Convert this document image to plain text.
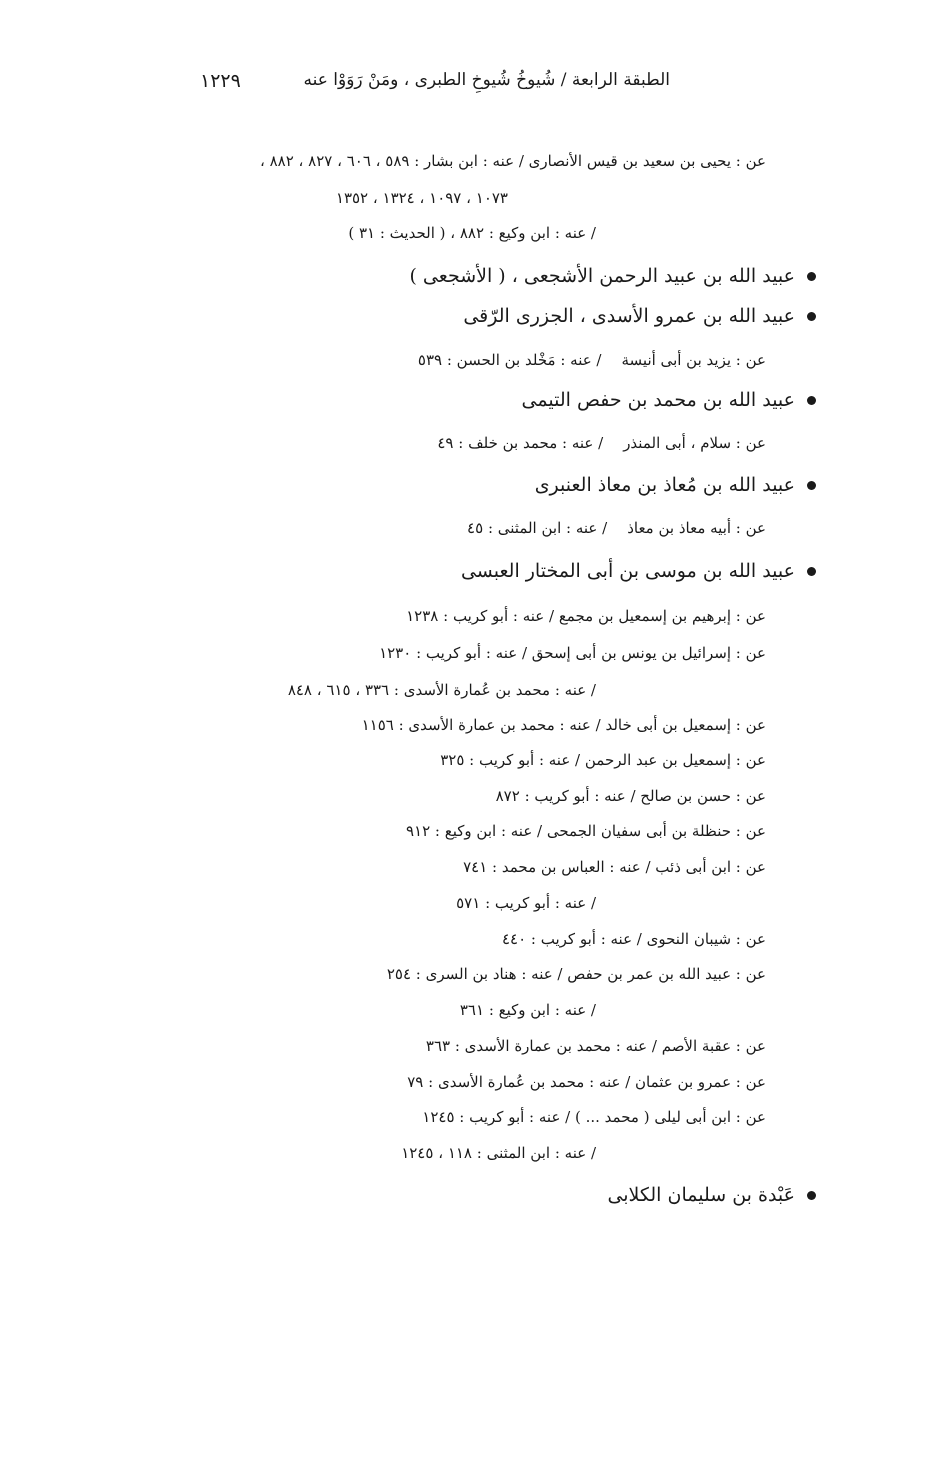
الطبقة الرابعة / شُيوخُ شُيوخِ الطبرى ، ومَنْ رَوَوْا عنه
١٢٢٩
عن : يحيى بن سعيد بن قيس الأنصارى / عنه : ابن بشار : ٥٨٩ ، ٦٠٦ ، ٨٢٧ ، ٨٨٢ ،
١٠٧٣ ، ١٠٩٧ ، ١٣٢٤ ، ١٣٥٢
/ عنه : ابن وكيع : ٨٨٢ ، ( الحديث : ٣١ )
عبيد الله بن عبيد الرحمن الأشجعى ، ( الأشجعى )
عبيد الله بن عمرو الأسدى ، الجزرى الرّقى
عن : يزيد بن أبى أنيسة/ عنه : مَخْلد بن الحسن : ٥٣٩
عبيد الله بن محمد بن حفص التيمى
عن : سلام ، أبى المنذر/ عنه : محمد بن خلف : ٤٩
عبيد الله بن مُعاذ بن معاذ العنبرى
عن : أبيه معاذ بن معاذ/ عنه : ابن المثنى : ٤٥
عبيد الله بن موسى بن أبى المختار العبسى
عن : إبرهيم بن إسمعيل بن مجمع / عنه : أبو كريب : ١٢٣٨
عن : إسرائيل بن يونس بن أبى إسحق / عنه : أبو كريب : ١٢٣٠
/ عنه : محمد بن عُمارة الأسدى : ٣٣٦ ، ٦١٥ ، ٨٤٨
عن : إسمعيل بن أبى خالد / عنه : محمد بن عمارة الأسدى : ١١٥٦
عن : إسمعيل بن عبد الرحمن / عنه : أبو كريب : ٣٢٥
عن : حسن بن صالح / عنه : أبو كريب : ٨٧٢
عن : حنظلة بن أبى سفيان الجمحى / عنه : ابن وكيع : ٩١٢
عن : ابن أبى ذئب / عنه : العباس بن محمد : ٧٤١
/ عنه : أبو كريب : ٥٧١
عن : شيبان النحوى / عنه : أبو كريب : ٤٤٠
عن : عبيد الله بن عمر بن حفص / عنه : هناد بن السرى : ٢٥٤
/ عنه : ابن وكيع : ٣٦١
عن : عقبة الأصم / عنه : محمد بن عمارة الأسدى : ٣٦٣
عن : عمرو بن عثمان / عنه : محمد بن عُمارة الأسدى : ٧٩
عن : ابن أبى ليلى ( محمد ... ) / عنه : أبو كريب : ١٢٤٥
/ عنه : ابن المثنى : ١١٨ ، ١٢٤٥
عَبْدة بن سليمان الكلابى
